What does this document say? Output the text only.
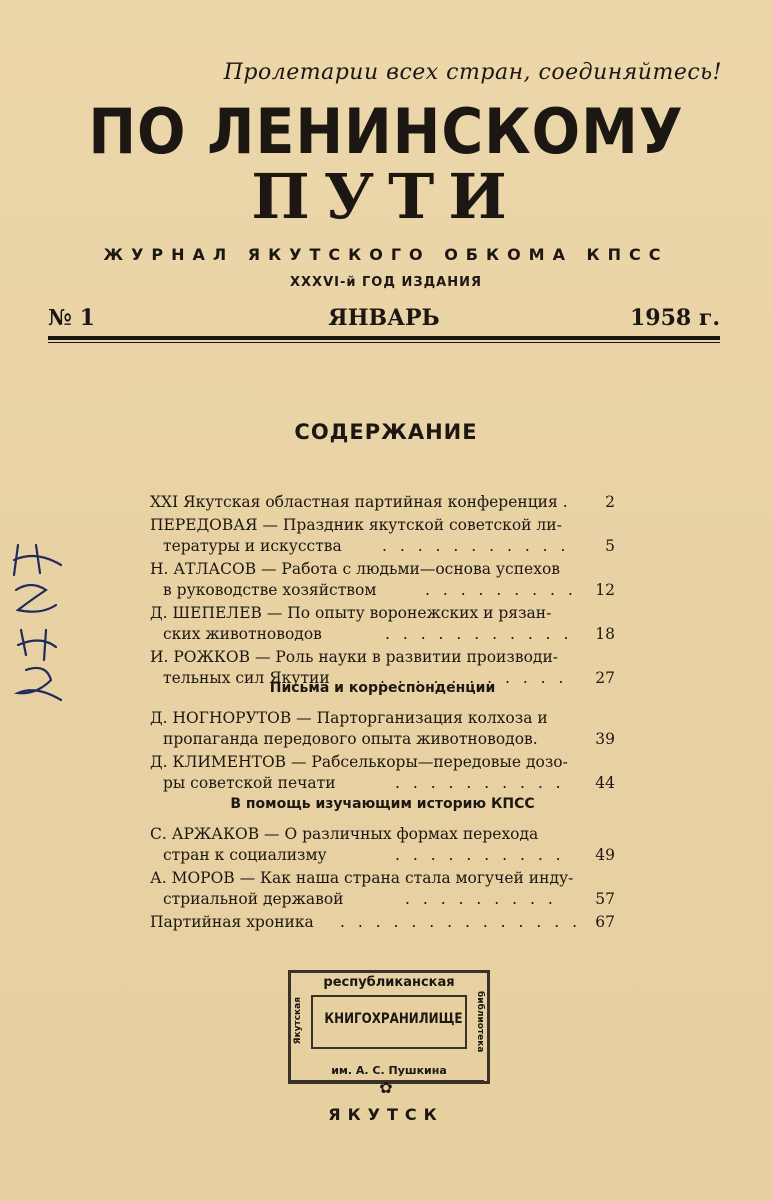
Пролетарии всех стран, соединяйтесь!
ПО ЛЕНИНСКОМУ
ПУТИ
ЖУРНАЛ ЯКУТСКОГО ОБКОМА КПСС
XXXVI-й ГОД ИЗДАНИЯ
№ 1	ЯНВАРЬ	1958 г.
СОДЕРЖАНИЕ
XXI Якутская областная партийная конференция . 2
ПЕРЕДОВАЯ — Праздник якутской советской ли-
тературы и искусства	. . . . . . . . . . . 5
Н. АТЛАСОВ — Работа с людьми—основа успехов
в руководстве хозяйством	. . . . . . . . . 12
Д. ШЕПЕЛЕВ — По опыту воронежских и рязан-
ских животноводов	. . . . . . . . . . . 18
И. РОЖКОВ — Роль науки в развитии производи-
тельных сил Якутии	. . . . . . . . . . . 27
Письма и корреспонденции
Д. НОГНОРУТОВ — Парторганизация колхоза и
пропаганда передового опыта животноводов.	39
Д. КЛИМЕНТОВ — Рабселькоры—передовые дозо-
ры советской печати	. . . . . . . . . . 44
В помощь изучающим историю КПСС
С. АРЖАКОВ — О различных формах перехода
стран к социализму	. . . . . . . . . . 49
А. МОРОВ — Как наша страна стала могучей инду-
стриальной державой	. . . . . . . . . 57
Партийная хроника . . . . . . . . . . . . . . 67
республиканская
Якутская КНИГОХРАНИЛИЩЕ	библиотека
им. А. С. Пушкина
✿
ЯКУТСК
